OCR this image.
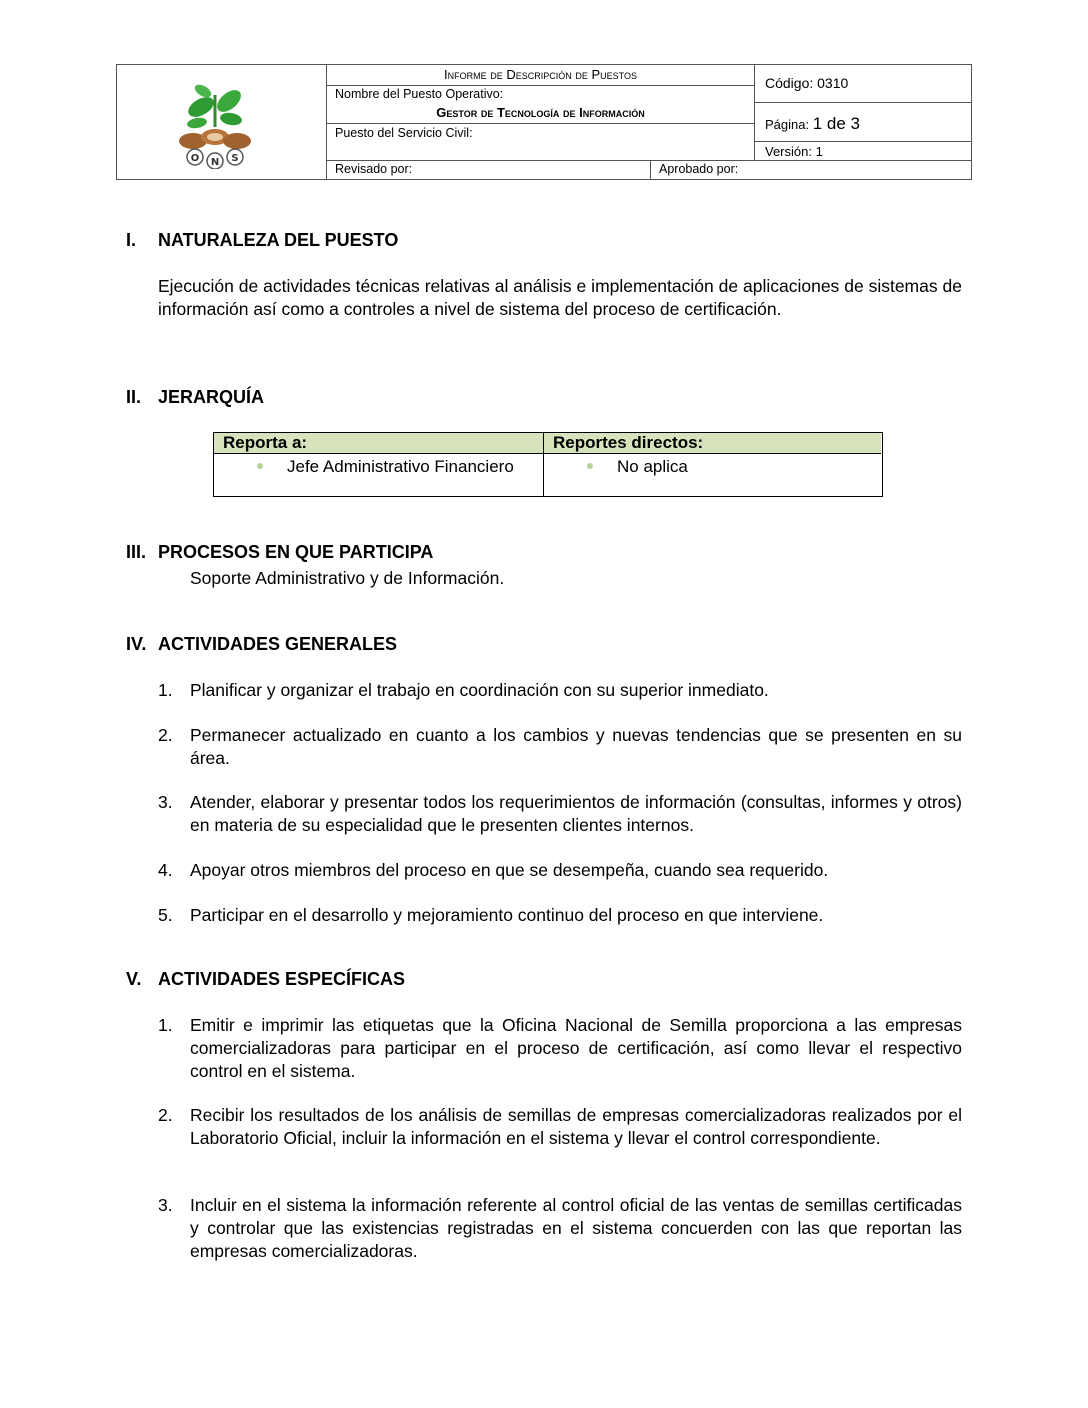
O N S
Informe de Descripción de Puestos
Nombre del Puesto Operativo:
Gestor de Tecnología de Información
Puesto del Servicio Civil:
Revisado por:	Aprobado por:
Código: 0310
Página: 1 de 3
Versión: 1
I. NATURALEZA DEL PUESTO
Ejecución de actividades técnicas relativas al análisis e implementación de aplicaciones de sistemas de información así como a controles a nivel de sistema del proceso de certificación.
II. JERARQUÍA
Reporta a:	Reportes directos:
Jefe Administrativo Financiero	No aplica
III. PROCESOS EN QUE PARTICIPA
Soporte Administrativo y de Información.
IV. ACTIVIDADES GENERALES
1. Planificar y organizar el trabajo en coordinación con su superior inmediato.
2. Permanecer actualizado en cuanto a los cambios y nuevas tendencias que se presenten en su área.
3. Atender, elaborar y presentar todos los requerimientos de información (consultas, informes y otros) en materia de su especialidad que le presenten clientes internos.
4. Apoyar otros miembros del proceso en que se desempeña, cuando sea requerido.
5. Participar en el desarrollo y mejoramiento continuo del proceso en que interviene.
V. ACTIVIDADES ESPECÍFICAS
1. Emitir e imprimir las etiquetas que la Oficina Nacional de Semilla proporciona a las empresas comercializadoras para participar en el proceso de certificación, así como llevar el respectivo control en el sistema.
2. Recibir los resultados de los análisis de semillas de empresas comercializadoras realizados por el Laboratorio Oficial, incluir la información en el sistema y llevar el control correspondiente.
3. Incluir en el sistema la información referente al control oficial de las ventas de semillas certificadas y controlar que las existencias registradas en el sistema concuerden con las que reportan las empresas comercializadoras.
